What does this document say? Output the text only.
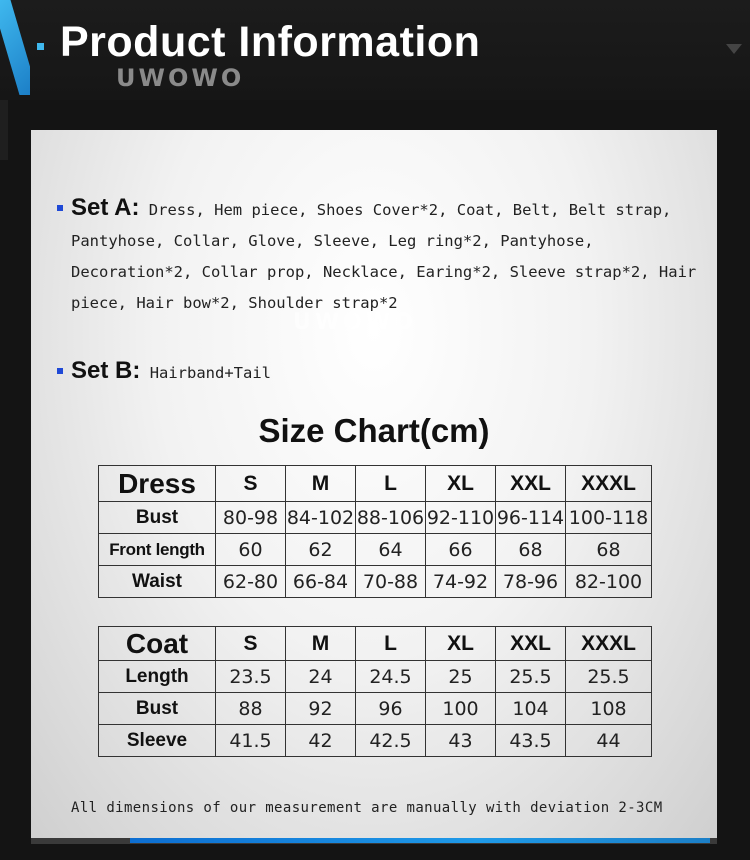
Product Information
UWOWO
UWOWO
Set A: Dress, Hem piece, Shoes Cover*2, Coat, Belt, Belt strap, Pantyhose, Collar, Glove, Sleeve, Leg ring*2, Pantyhose, Decoration*2, Collar prop, Necklace, Earing*2, Sleeve strap*2, Hair piece, Hair bow*2, Shoulder strap*2
Set B: Hairband+Tail
Size Chart(cm)
Dress	S	M	L	XL	XXL	XXXL
Bust	80-98	84-102	88-106	92-110	96-114	100-118
Front length	60	62	64	66	68	68
Waist	62-80	66-84	70-88	74-92	78-96	82-100
Coat	S	M	L	XL	XXL	XXXL
Length	23.5	24	24.5	25	25.5	25.5
Bust	88	92	96	100	104	108
Sleeve	41.5	42	42.5	43	43.5	44
All dimensions of our measurement are manually with deviation 2-3CM
